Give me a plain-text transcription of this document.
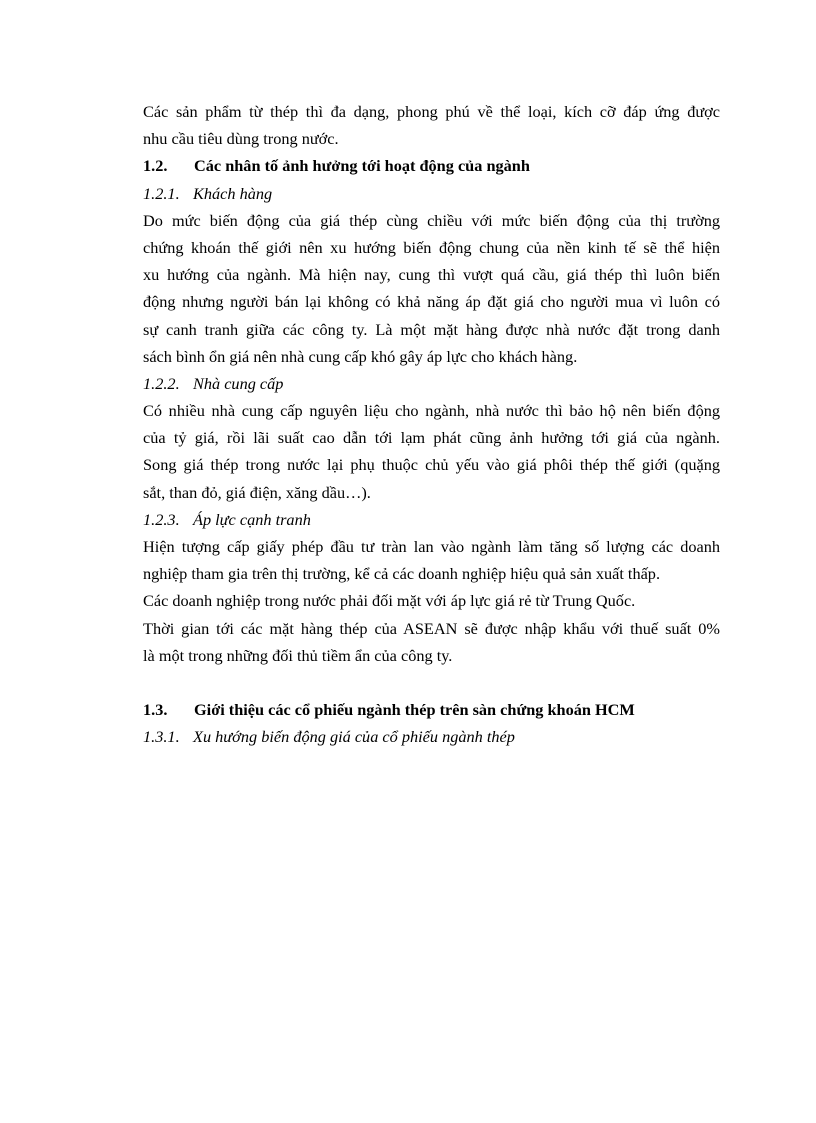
Các sản phẩm từ thép thì đa dạng, phong phú về thể loại, kích cỡ đáp ứng được
nhu cầu tiêu dùng trong nước.
1.2.	Các nhân tố ảnh hưởng tới hoạt động của ngành
1.2.1. Khách hàng
Do mức biến động của giá thép cùng chiều với mức biến động của thị trường
chứng khoán thế giới nên xu hướng biến động chung của nền kinh tế sẽ thể hiện
xu hướng của ngành. Mà hiện nay, cung thì vượt quá cầu, giá thép thì luôn biến
động nhưng người bán lại không có khả năng áp đặt giá cho người mua vì luôn có
sự canh tranh giữa các công ty. Là một mặt hàng được nhà nước đặt trong danh
sách bình ổn giá nên nhà cung cấp khó gây áp lực cho khách hàng.
1.2.2. Nhà cung cấp
Có nhiều nhà cung cấp nguyên liệu cho ngành, nhà nước thì bảo hộ nên biến động
của tỷ giá, rồi lãi suất cao dẫn tới lạm phát cũng ảnh hưởng tới giá của ngành.
Song giá thép trong nước lại phụ thuộc chủ yếu vào giá phôi thép thế giới (quặng
sắt, than đỏ, giá điện, xăng dầu…).
1.2.3. Áp lực cạnh tranh
Hiện tượng cấp giấy phép đầu tư tràn lan vào ngành làm tăng số lượng các doanh
nghiệp tham gia trên thị trường, kể cả các doanh nghiệp hiệu quả sản xuất thấp.
Các doanh nghiệp trong nước phải đối mặt với áp lực giá rẻ từ Trung Quốc.
Thời gian tới các mặt hàng thép của ASEAN sẽ được nhập khẩu với thuế suất 0%
là một trong những đối thủ tiềm ẩn của công ty.
1.3.	Giới thiệu các cổ phiếu ngành thép trên sàn chứng khoán HCM
1.3.1. Xu hướng biến động giá của cổ phiếu ngành thép
